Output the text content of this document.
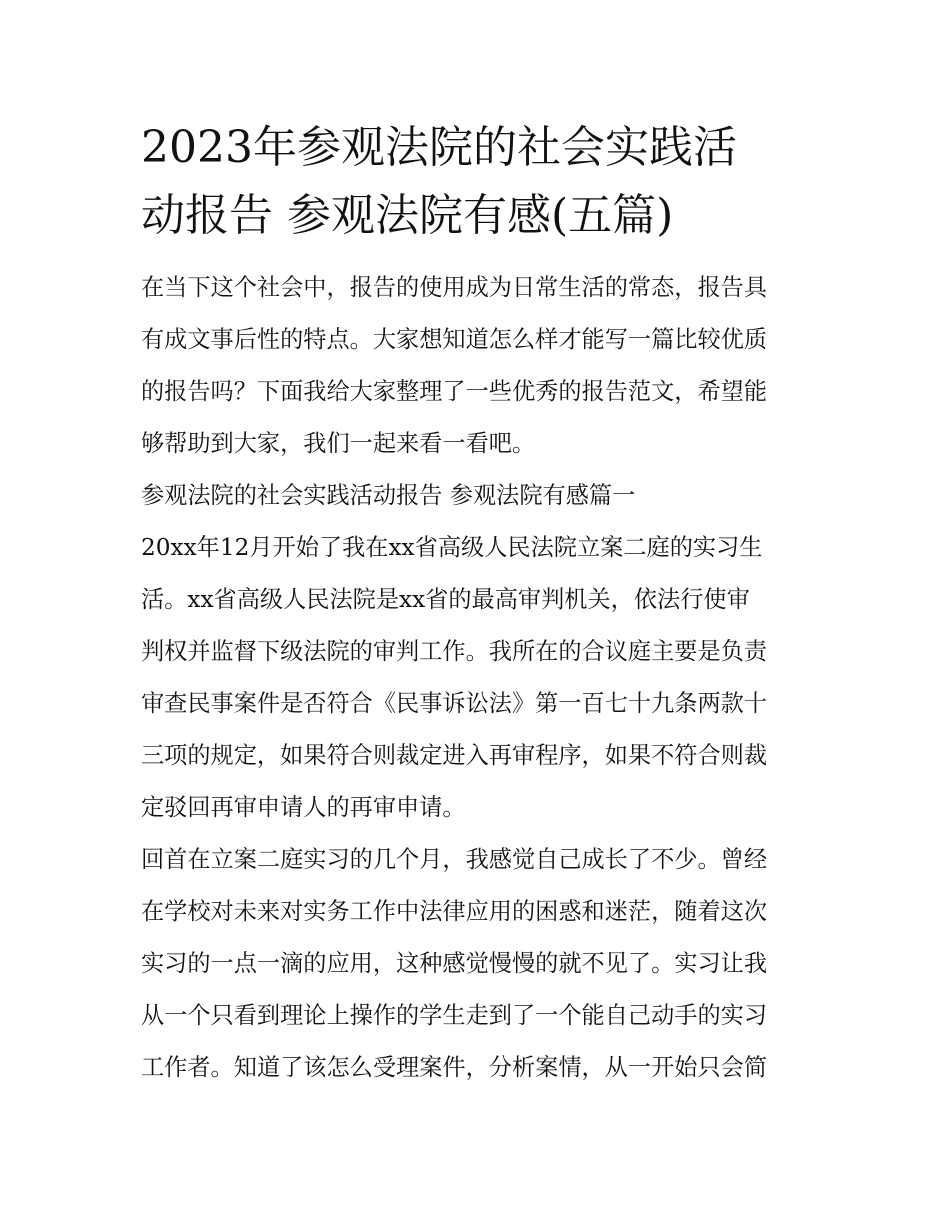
2023年参观法院的社会实践活
动报告 参观法院有感(五篇)
在当下这个社会中，报告的使用成为日常生活的常态，报告具
有成文事后性的特点。大家想知道怎么样才能写一篇比较优质
的报告吗？下面我给大家整理了一些优秀的报告范文，希望能
够帮助到大家，我们一起来看一看吧。
参观法院的社会实践活动报告 参观法院有感篇一
20xx年12月开始了我在xx省高级人民法院立案二庭的实习生
活。xx省高级人民法院是xx省的最高审判机关，依法行使审
判权并监督下级法院的审判工作。我所在的合议庭主要是负责
审查民事案件是否符合《民事诉讼法》第一百七十九条两款十
三项的规定，如果符合则裁定进入再审程序，如果不符合则裁
定驳回再审申请人的再审申请。
回首在立案二庭实习的几个月，我感觉自己成长了不少。曾经
在学校对未来对实务工作中法律应用的困惑和迷茫，随着这次
实习的一点一滴的应用，这种感觉慢慢的就不见了。实习让我
从一个只看到理论上操作的学生走到了一个能自己动手的实习
工作者。知道了该怎么受理案件，分析案情，从一开始只会简
